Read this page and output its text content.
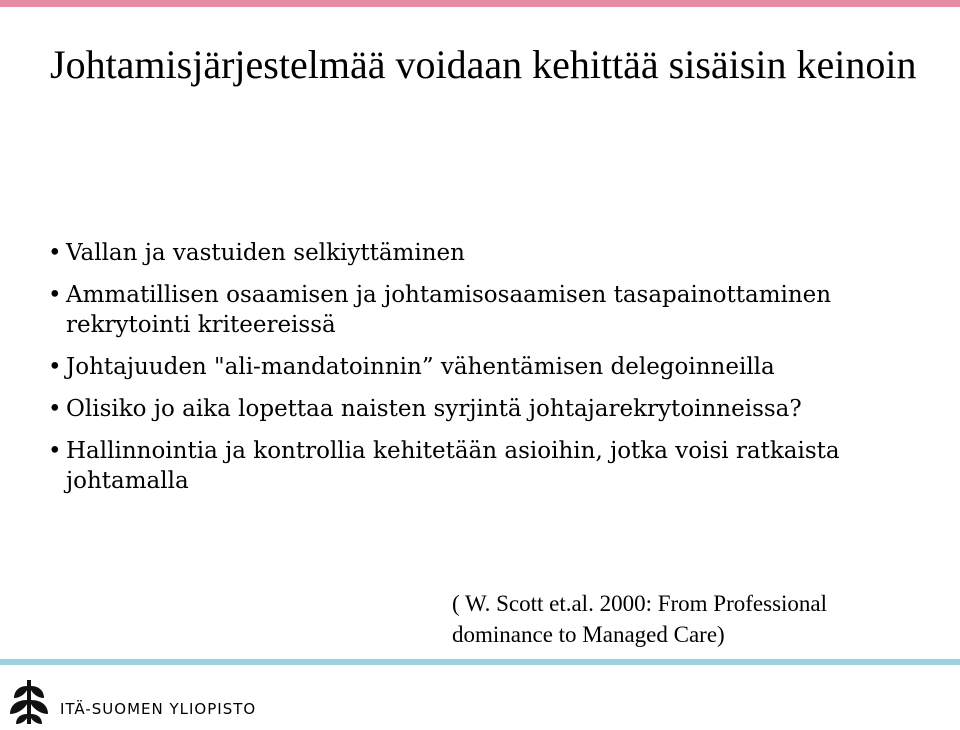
Johtamisjärjestelmää voidaan kehittää sisäisin keinoin
• Vallan ja vastuiden selkiyttäminen
• Ammatillisen osaamisen ja johtamisosaamisen tasapainottaminen rekrytointi kriteereissä
• Johtajuuden "ali-mandatoinnin” vähentämisen delegoinneilla
• Olisiko jo aika lopettaa naisten syrjintä johtajarekrytoinneissa?
• Hallinnointia ja kontrollia kehitetään asioihin, jotka voisi ratkaista johtamalla
( W. Scott et.al. 2000: From Professional dominance to Managed Care)
ITÄ-SUOMEN YLIOPISTO
